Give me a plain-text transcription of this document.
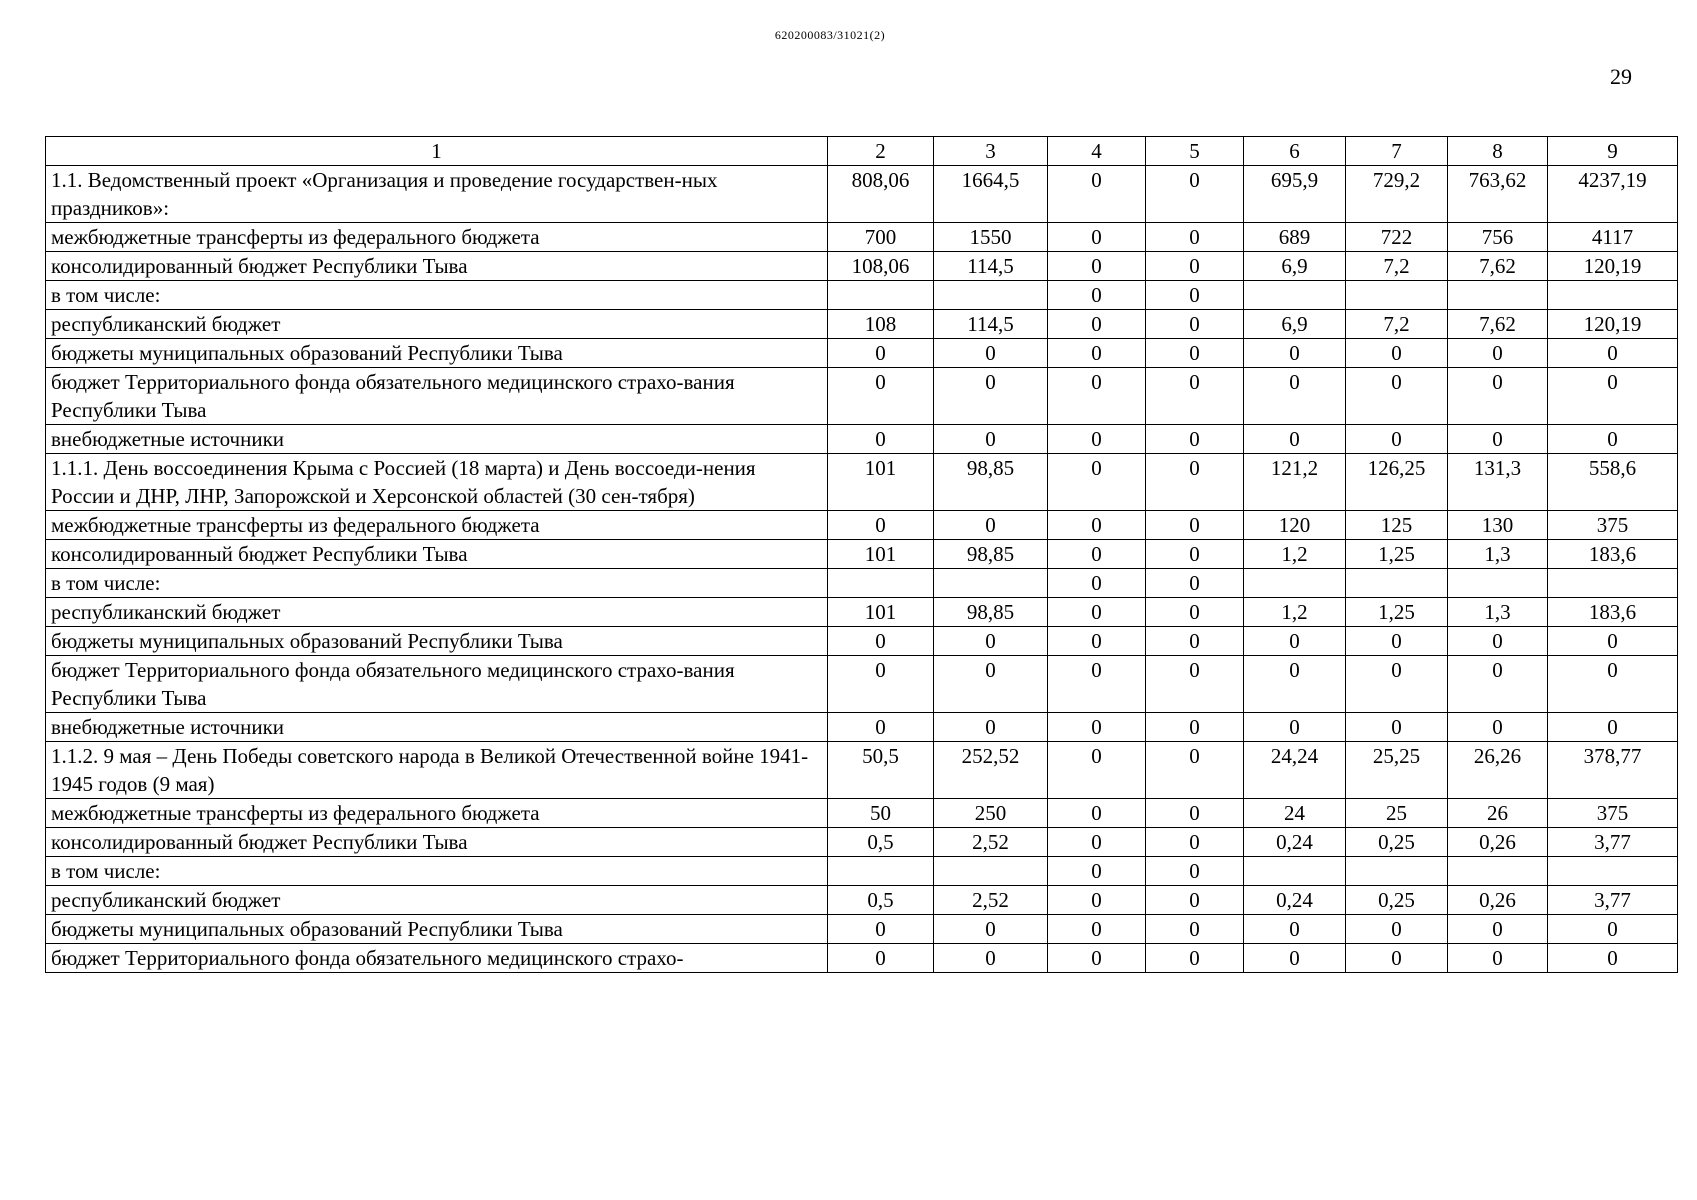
620200083/31021(2)
29
1	2	3	4	5	6	7	8	9
1.1. Ведомственный проект «Организация и проведение государствен-ных праздников»:	808,06	1664,5	0	0	695,9	729,2	763,62	4237,19
межбюджетные трансферты из федерального бюджета	700	1550	0	0	689	722	756	4117
консолидированный бюджет Республики Тыва	108,06	114,5	0	0	6,9	7,2	7,62	120,19
в том числе:			0	0				
республиканский бюджет	108	114,5	0	0	6,9	7,2	7,62	120,19
бюджеты муниципальных образований Республики Тыва	0	0	0	0	0	0	0	0
бюджет Территориального фонда обязательного медицинского страхо-вания Республики Тыва	0	0	0	0	0	0	0	0
внебюджетные источники	0	0	0	0	0	0	0	0
1.1.1. День воссоединения Крыма с Россией (18 марта) и День воссоеди-нения России и ДНР, ЛНР, Запорожской и Херсонской областей (30 сен-тября)	101	98,85	0	0	121,2	126,25	131,3	558,6
межбюджетные трансферты из федерального бюджета	0	0	0	0	120	125	130	375
консолидированный бюджет Республики Тыва	101	98,85	0	0	1,2	1,25	1,3	183,6
в том числе:			0	0				
республиканский бюджет	101	98,85	0	0	1,2	1,25	1,3	183,6
бюджеты муниципальных образований Республики Тыва	0	0	0	0	0	0	0	0
бюджет Территориального фонда обязательного медицинского страхо-вания Республики Тыва	0	0	0	0	0	0	0	0
внебюджетные источники	0	0	0	0	0	0	0	0
1.1.2. 9 мая – День Победы советского народа в Великой Отечественной войне 1941-1945 годов (9 мая)	50,5	252,52	0	0	24,24	25,25	26,26	378,77
межбюджетные трансферты из федерального бюджета	50	250	0	0	24	25	26	375
консолидированный бюджет Республики Тыва	0,5	2,52	0	0	0,24	0,25	0,26	3,77
в том числе:			0	0				
республиканский бюджет	0,5	2,52	0	0	0,24	0,25	0,26	3,77
бюджеты муниципальных образований Республики Тыва	0	0	0	0	0	0	0	0
бюджет Территориального фонда обязательного медицинского страхо-	0	0	0	0	0	0	0	0
